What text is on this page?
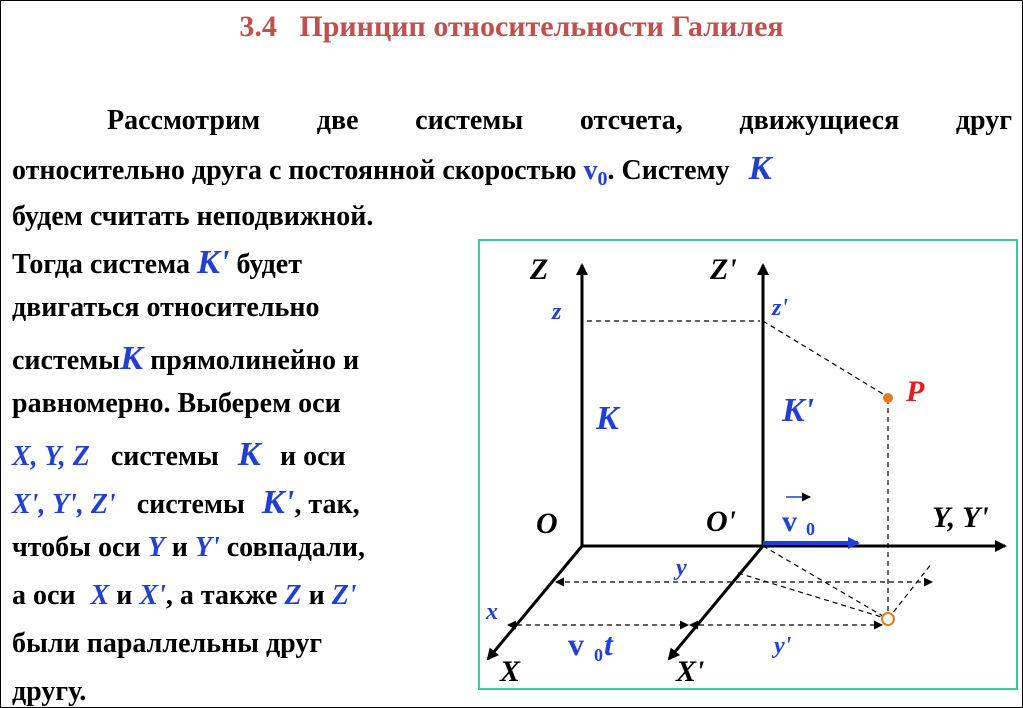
3.4   Принцип относительности Галилея
Рассмотрим две системы отсчета, движущиеся друг
относительно друга с постоянной скоростью $v_0$. Систему К
будем считать неподвижной.
Тогда система К' будет
двигаться относительно
системыК прямолинейно и
равномерно. Выберем оси
X, Y, Z системы К и оси
X', Y', Z' системы К', так,
чтобы оси Y и Y' совпадали,
а оси X и X', а также Z и Z'
были параллельны друг
другу.
Z	Z'
z	z'
P
K	K'
O	O' v 0	Y, Y'
y
x
v 0 t	y'
X	X'
